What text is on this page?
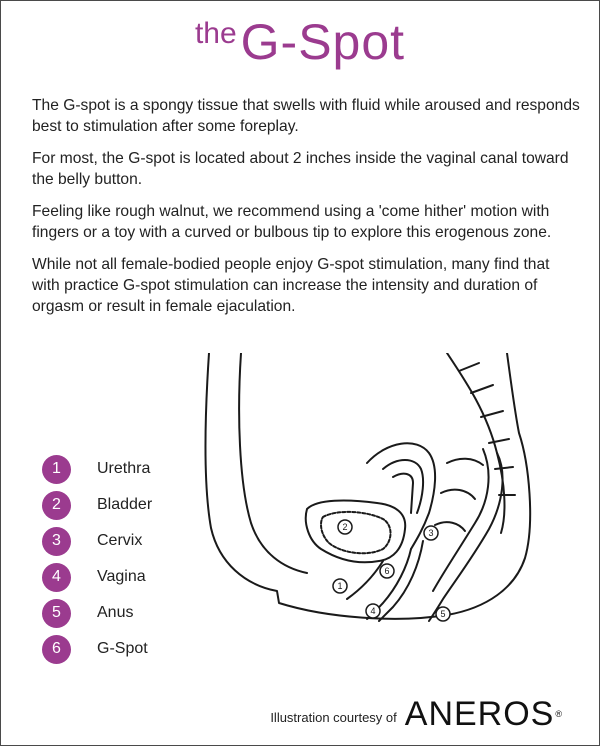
theG-Spot

The G-spot is a spongy tissue that swells with fluid while aroused and responds best to stimulation after some foreplay.

For most, the G-spot is located about 2 inches inside the vaginal canal toward the belly button.

Feeling like rough walnut, we recommend using a 'come hither' motion with fingers or a toy with a curved or bulbous tip to explore this erogenous zone.

While not all female-bodied people enjoy G-spot stimulation, many find that with practice G-spot stimulation can increase the intensity and duration of orgasm or result in female ejaculation.

1	Urethra
2	Bladder
3	Cervix
4	Vagina
5	Anus
6	G-Spot
1
2
3
4	5
6
Illustration courtesy of ANEROS®
